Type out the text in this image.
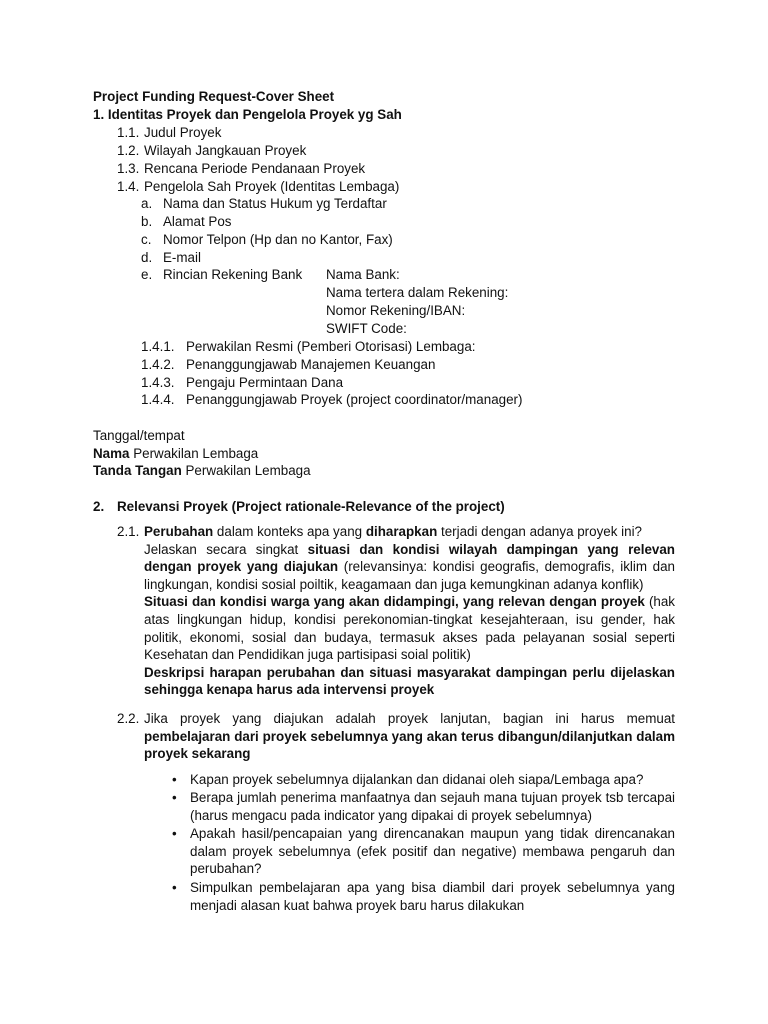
Project Funding Request-Cover Sheet
1. Identitas Proyek dan Pengelola Proyek yg Sah
1.1. Judul Proyek
1.2. Wilayah Jangkauan Proyek
1.3. Rencana Periode Pendanaan Proyek
1.4. Pengelola Sah Proyek (Identitas Lembaga)
a. Nama dan Status Hukum yg Terdaftar
b. Alamat Pos
c. Nomor Telpon (Hp dan no Kantor, Fax)
d. E-mail
e. Rincian Rekening Bank Nama Bank:
Nama tertera dalam Rekening:
Nomor Rekening/IBAN:
SWIFT Code:
1.4.1. Perwakilan Resmi (Pemberi Otorisasi) Lembaga:
1.4.2. Penanggungjawab Manajemen Keuangan
1.4.3. Pengaju Permintaan Dana
1.4.4. Penanggungjawab Proyek (project coordinator/manager)
Tanggal/tempat
Nama Perwakilan Lembaga
Tanda Tangan Perwakilan Lembaga
2. Relevansi Proyek (Project rationale-Relevance of the project)
2.1. Perubahan dalam konteks apa yang diharapkan terjadi dengan adanya proyek ini?

Jelaskan secara singkat situasi dan kondisi wilayah dampingan yang relevan dengan proyek yang diajukan (relevansinya: kondisi geografis, demografis, iklim dan lingkungan, kondisi sosial poiltik, keagamaan dan juga kemungkinan adanya konflik)

Situasi dan kondisi warga yang akan didampingi, yang relevan dengan proyek (hak atas lingkungan hidup, kondisi perekonomian-tingkat kesejahteraan, isu gender, hak politik, ekonomi, sosial dan budaya, termasuk akses pada pelayanan sosial seperti Kesehatan dan Pendidikan juga partisipasi soial politik)

Deskripsi harapan perubahan dan situasi masyarakat dampingan perlu dijelaskan sehingga kenapa harus ada intervensi proyek

2.2. Jika proyek yang diajukan adalah proyek lanjutan, bagian ini harus memuat pembelajaran dari proyek sebelumnya yang akan terus dibangun/dilanjutkan dalam proyek sekarang

• Kapan proyek sebelumnya dijalankan dan didanai oleh siapa/Lembaga apa?

• Berapa jumlah penerima manfaatnya dan sejauh mana tujuan proyek tsb tercapai (harus mengacu pada indicator yang dipakai di proyek sebelumnya)

• Apakah hasil/pencapaian yang direncanakan maupun yang tidak direncanakan dalam proyek sebelumnya (efek positif dan negative) membawa pengaruh dan perubahan?

• Simpulkan pembelajaran apa yang bisa diambil dari proyek sebelumnya yang menjadi alasan kuat bahwa proyek baru harus dilakukan
